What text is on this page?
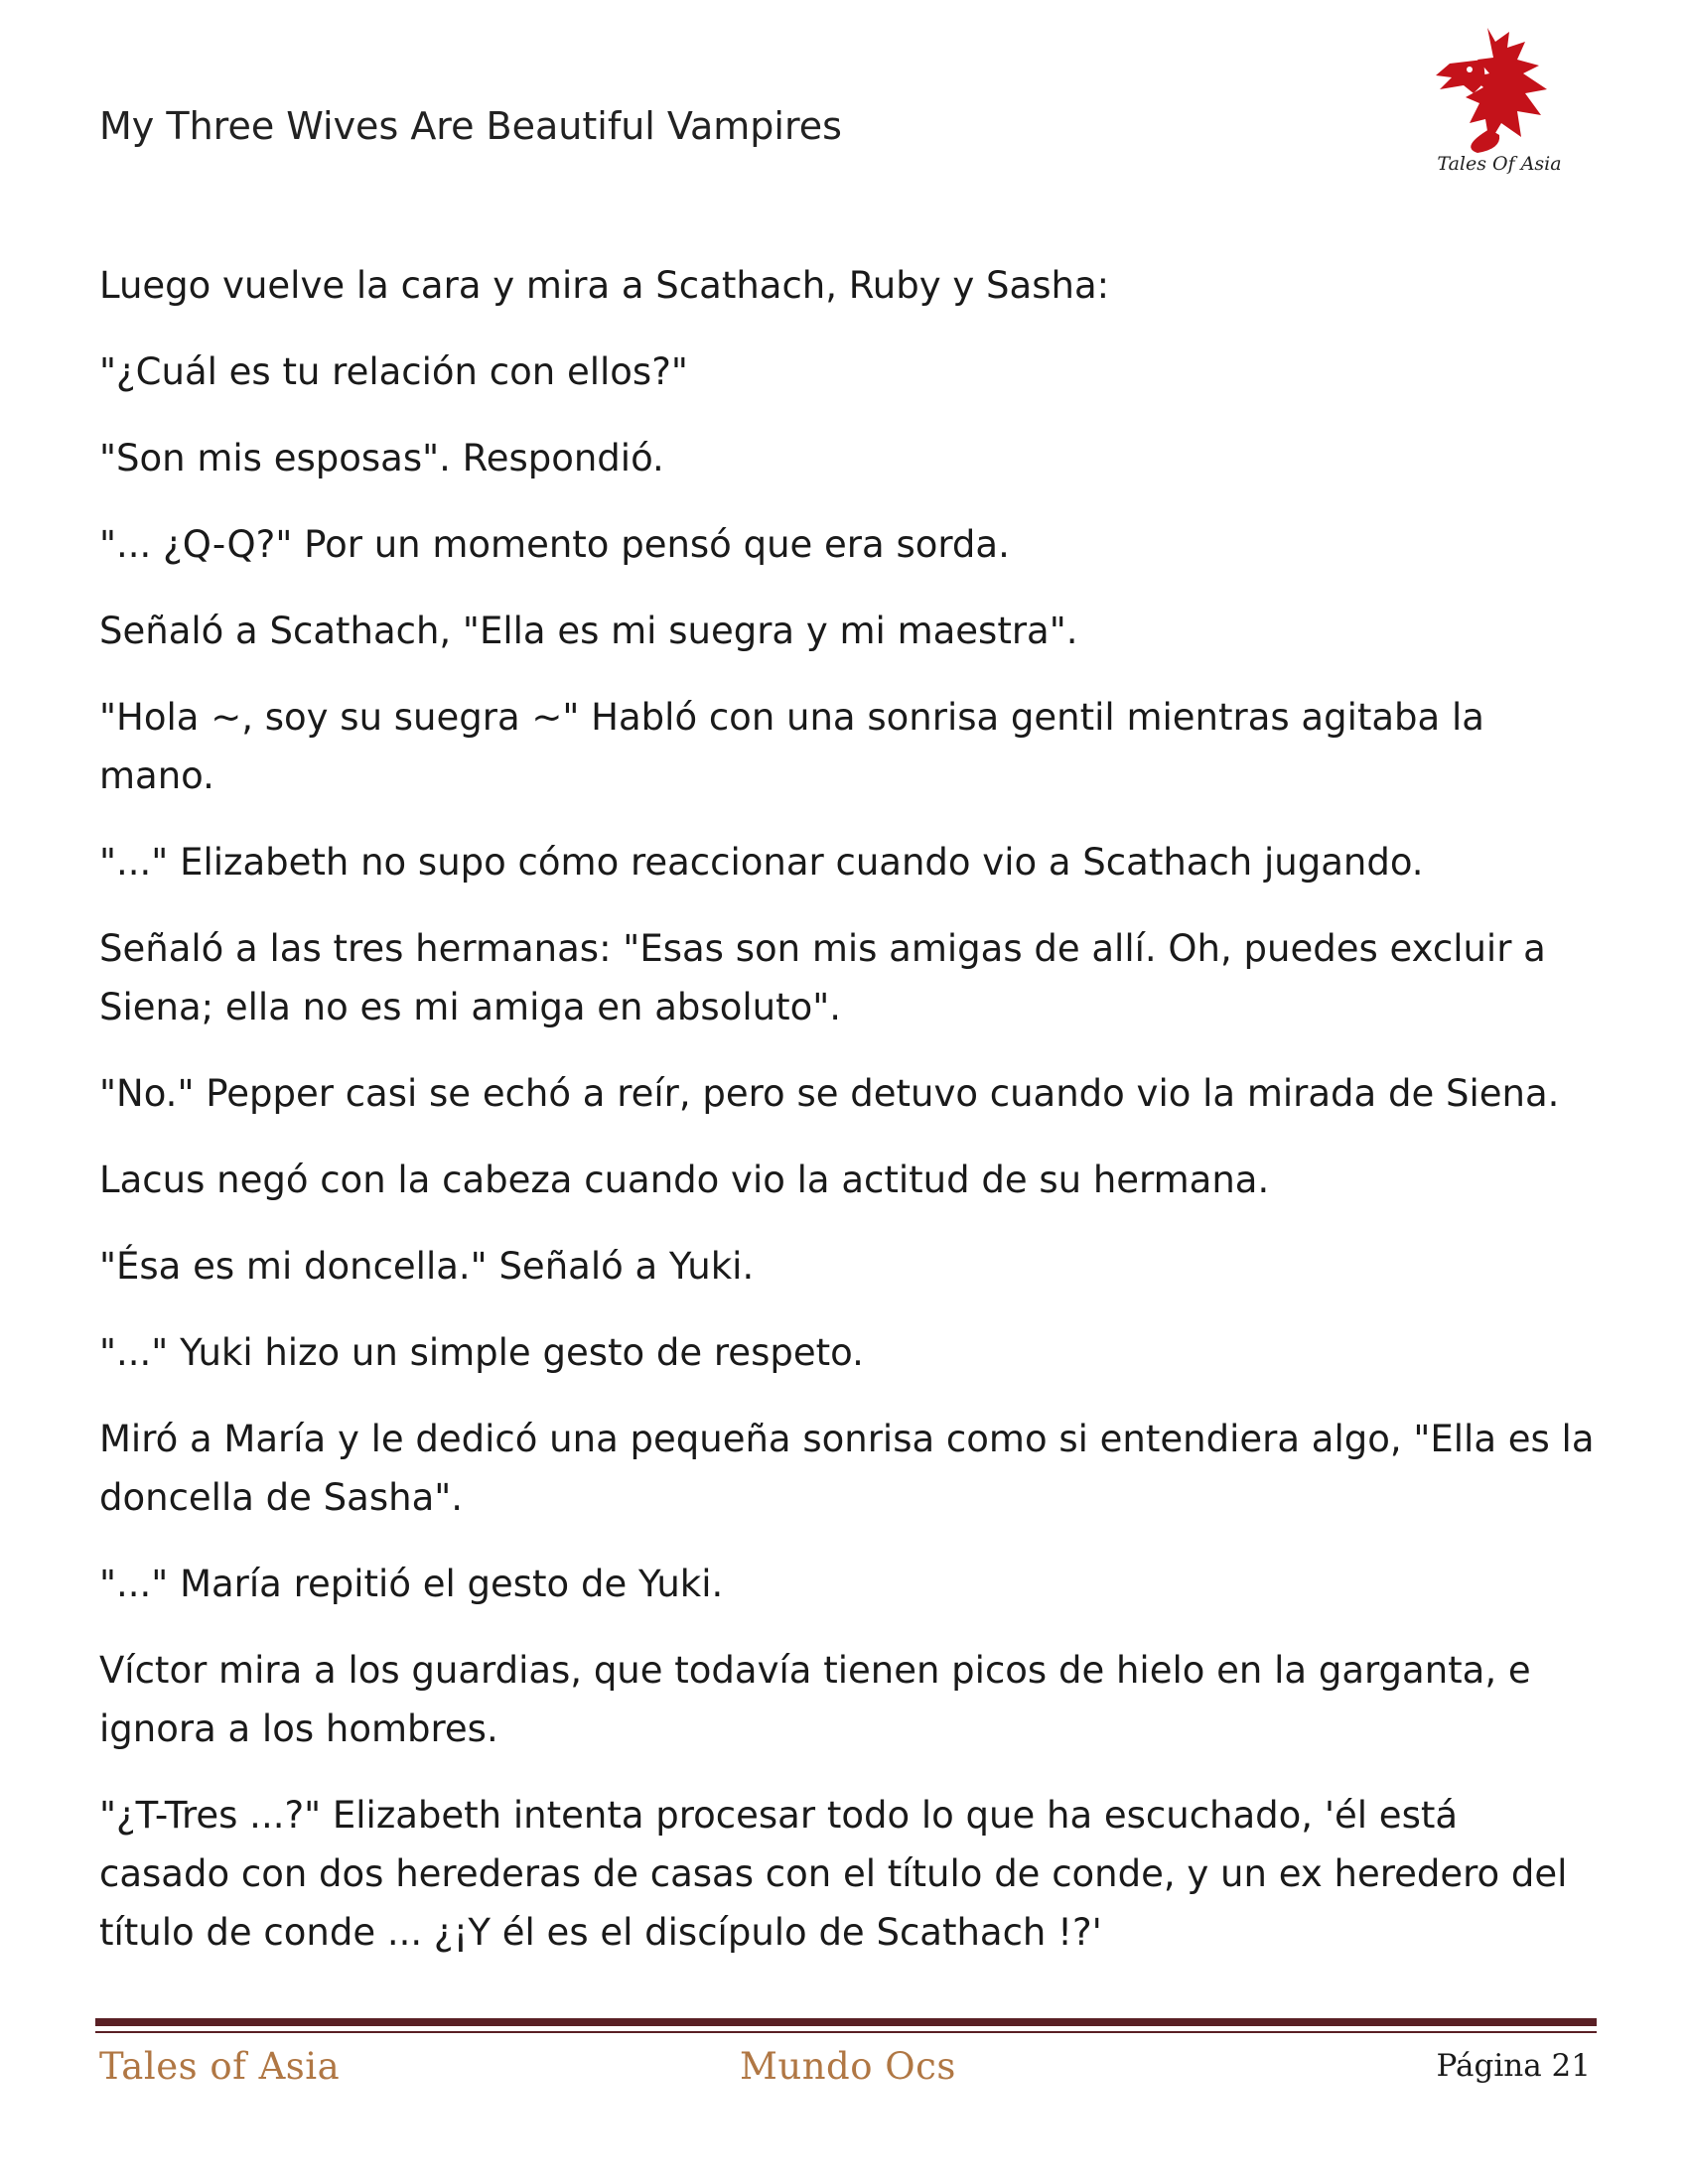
My Three Wives Are Beautiful Vampires
Tales Of Asia

Luego vuelve la cara y mira a Scathach, Ruby y Sasha:

"¿Cuál es tu relación con ellos?"

"Son mis esposas". Respondió.

"... ¿Q-Q?" Por un momento pensó que era sorda.

Señaló a Scathach, "Ella es mi suegra y mi maestra".

"Hola ~, soy su suegra ~" Habló con una sonrisa gentil mientras agitaba la mano.

"..." Elizabeth no supo cómo reaccionar cuando vio a Scathach jugando.

Señaló a las tres hermanas: "Esas son mis amigas de allí. Oh, puedes excluir a Siena; ella no es mi amiga en absoluto".

"No." Pepper casi se echó a reír, pero se detuvo cuando vio la mirada de Siena.

Lacus negó con la cabeza cuando vio la actitud de su hermana.

"Ésa es mi doncella." Señaló a Yuki.

"..." Yuki hizo un simple gesto de respeto.

Miró a María y le dedicó una pequeña sonrisa como si entendiera algo, "Ella es la doncella de Sasha".

"..." María repitió el gesto de Yuki.

Víctor mira a los guardias, que todavía tienen picos de hielo en la garganta, e ignora a los hombres.

"¿T-Tres ...?" Elizabeth intenta procesar todo lo que ha escuchado, 'él está casado con dos herederas de casas con el título de conde, y un ex heredero del título de conde ... ¿¡Y él es el discípulo de Scathach !?'

Tales of Asia	Mundo Ocs	Página 21
